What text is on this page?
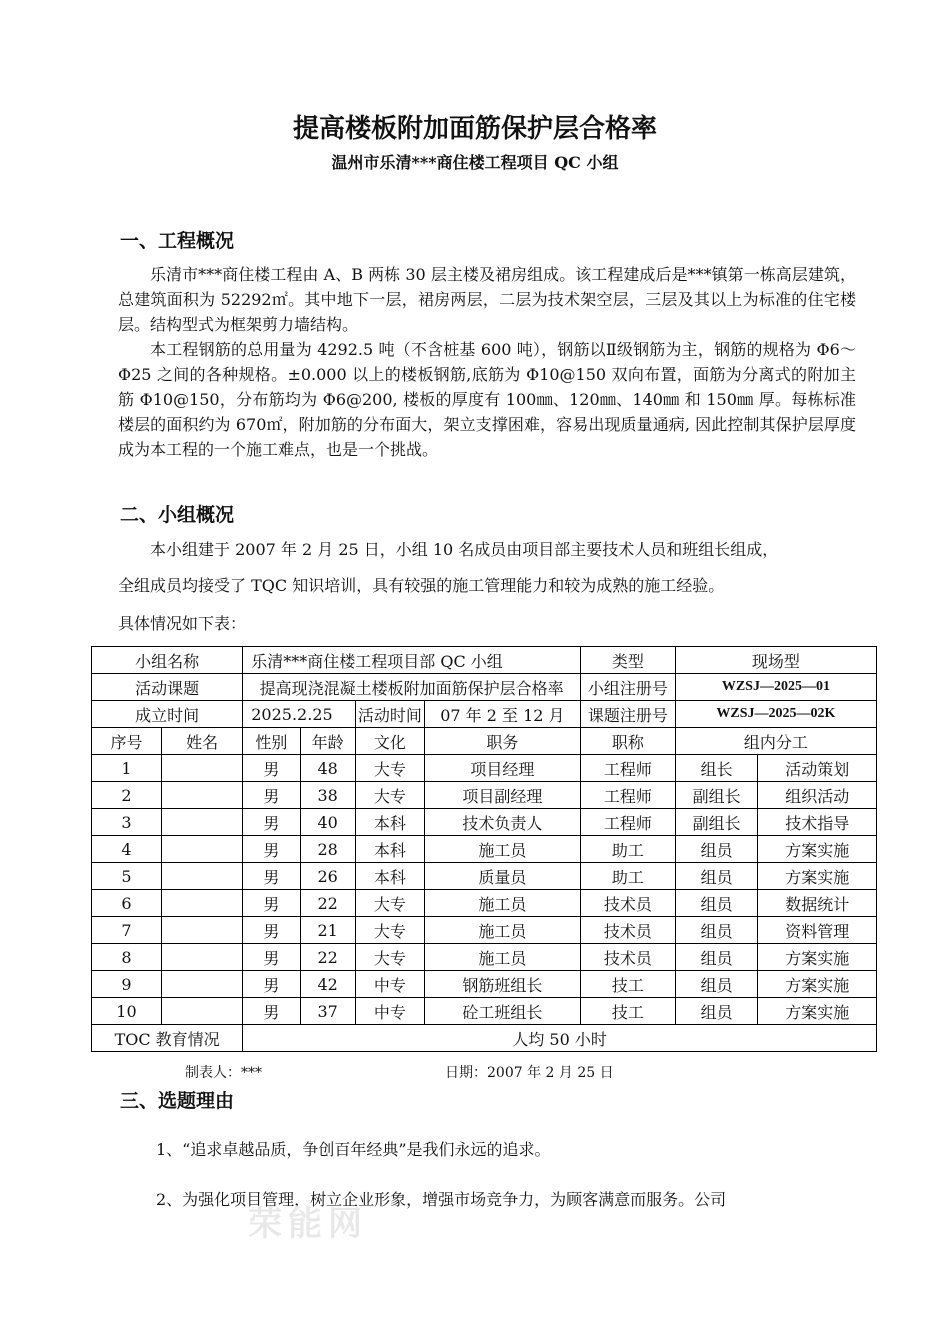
提高楼板附加面筋保护层合格率
温州市乐清***商住楼工程项目 QC 小组
一、工程概况

乐清市***商住楼工程由 A、B 两栋 30 层主楼及裙房组成。该工程建成后是***镇第一栋高层建筑，总建筑面积为 52292㎡。其中地下一层，裙房两层，二层为技术架空层，三层及其以上为标准的住宅楼层。结构型式为框架剪力墙结构。

本工程钢筋的总用量为 4292.5 吨（不含桩基 600 吨），钢筋以Ⅱ级钢筋为主，钢筋的规格为 Φ6～Φ25 之间的各种规格。±0.000 以上的楼板钢筋,底筋为 Φ10@150 双向布置，面筋为分离式的附加主筋 Φ10@150，分布筋均为 Φ6@200, 楼板的厚度有 100㎜、120㎜、140㎜ 和 150㎜ 厚。每栋标准楼层的面积约为 670㎡，附加筋的分布面大，架立支撑困难，容易出现质量通病, 因此控制其保护层厚度成为本工程的一个施工难点，也是一个挑战。

二、小组概况
本小组建于 2007 年 2 月 25 日，小组 10 名成员由项目部主要技术人员和班组长组成，
全组成员均接受了 TQC 知识培训，具有较强的施工管理能力和较为成熟的施工经验。
具体情况如下表：
小组名称		乐清***商住楼工程项目部 QC 小组				类型	现场型	
活动课题		提高现浇混凝土楼板附加面筋保护层合格率				小组注册号	WZSJ—2025—01	
成立时间		2025.2.25		活动时间	07 年 2 至 12 月	课题注册号	WZSJ—2025—02K	
序号	姓名	性别	年龄	文化	职务	职称	组内分工	
1		男	48	大专	项目经理	工程师	组长	活动策划
2		男	38	大专	项目副经理	工程师	副组长	组织活动
3		男	40	本科	技术负责人	工程师	副组长	技术指导
4		男	28	本科	施工员	助工	组员	方案实施
5		男	26	本科	质量员	助工	组员	方案实施
6		男	22	大专	施工员	技术员	组员	数据统计
7		男	21	大专	施工员	技术员	组员	资料管理
8		男	22	大专	施工员	技术员	组员	方案实施
9		男	42	中专	钢筋班组长	技工	组员	方案实施
10		男	37	中专	砼工班组长	技工	组员	方案实施
TOC 教育情况		人均 50 小时						
制表人：***	日期：2007 年 2 月 25 日
三、选题理由
1、“追求卓越品质，争创百年经典”是我们永远的追求。
2、为强化项目管理，树立企业形象，增强市场竞争力，为顾客满意而服务。公司
荣能网
